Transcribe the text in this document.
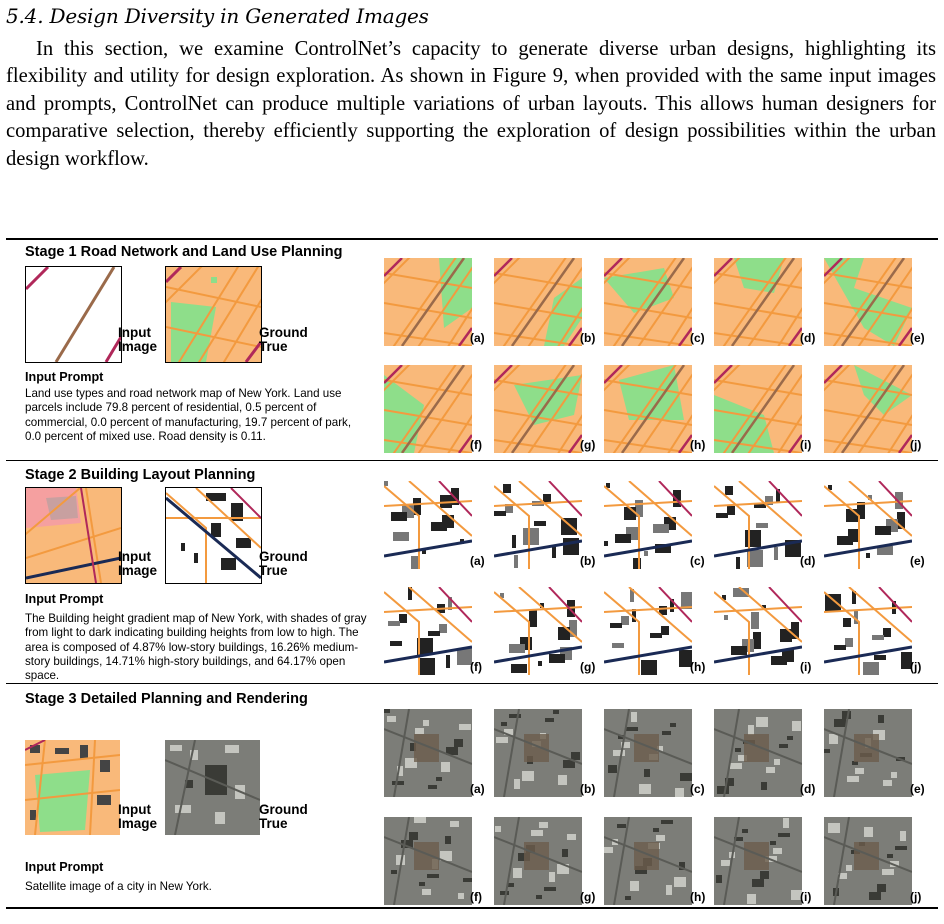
5.4. Design Diversity in Generated Images
In this section, we examine ControlNet’s capacity to generate diverse urban designs, highlighting its flexibility and utility for design exploration. As shown in Figure 9, when provided with the same input images and prompts, ControlNet can produce multiple variations of urban layouts. This allows human designers for comparative selection, thereby efficiently supporting the exploration of design possibilities within the urban design workflow.
Stage 1 Road Network and Land Use Planning
Input
Image
Ground
True
Input Prompt
Land use types and road network map of New York. Land use parcels include 79.8 percent of residential, 0.5 percent of commercial, 0.0 percent of manufacturing, 19.7 percent of park, 0.0 percent of mixed use. Road density is 0.11.
(a)	(b)	(c)	(d)	(e)
(f)	(g)	(h)	(i)	(j)
Stage 2 Building Layout Planning
Input
Image
Ground
True
Input Prompt
The Building height gradient map of New York, with shades of gray from light to dark indicating building heights from low to high. The area is composed of 4.87% low-story buildings, 16.26% medium-story buildings, 14.71% high-story buildings, and 64.17% open space.
(a)	(b)	(c)	(d)	(e)
(f)	(g)	(h)	(i)	(j)
Stage 3 Detailed Planning and Rendering
Input
Image
Ground
True
Input Prompt
Satellite image of a city in New York.
(a)	(b)	(c)	(d)	(e)
(f)	(g)	(h)	(i)	(j)
